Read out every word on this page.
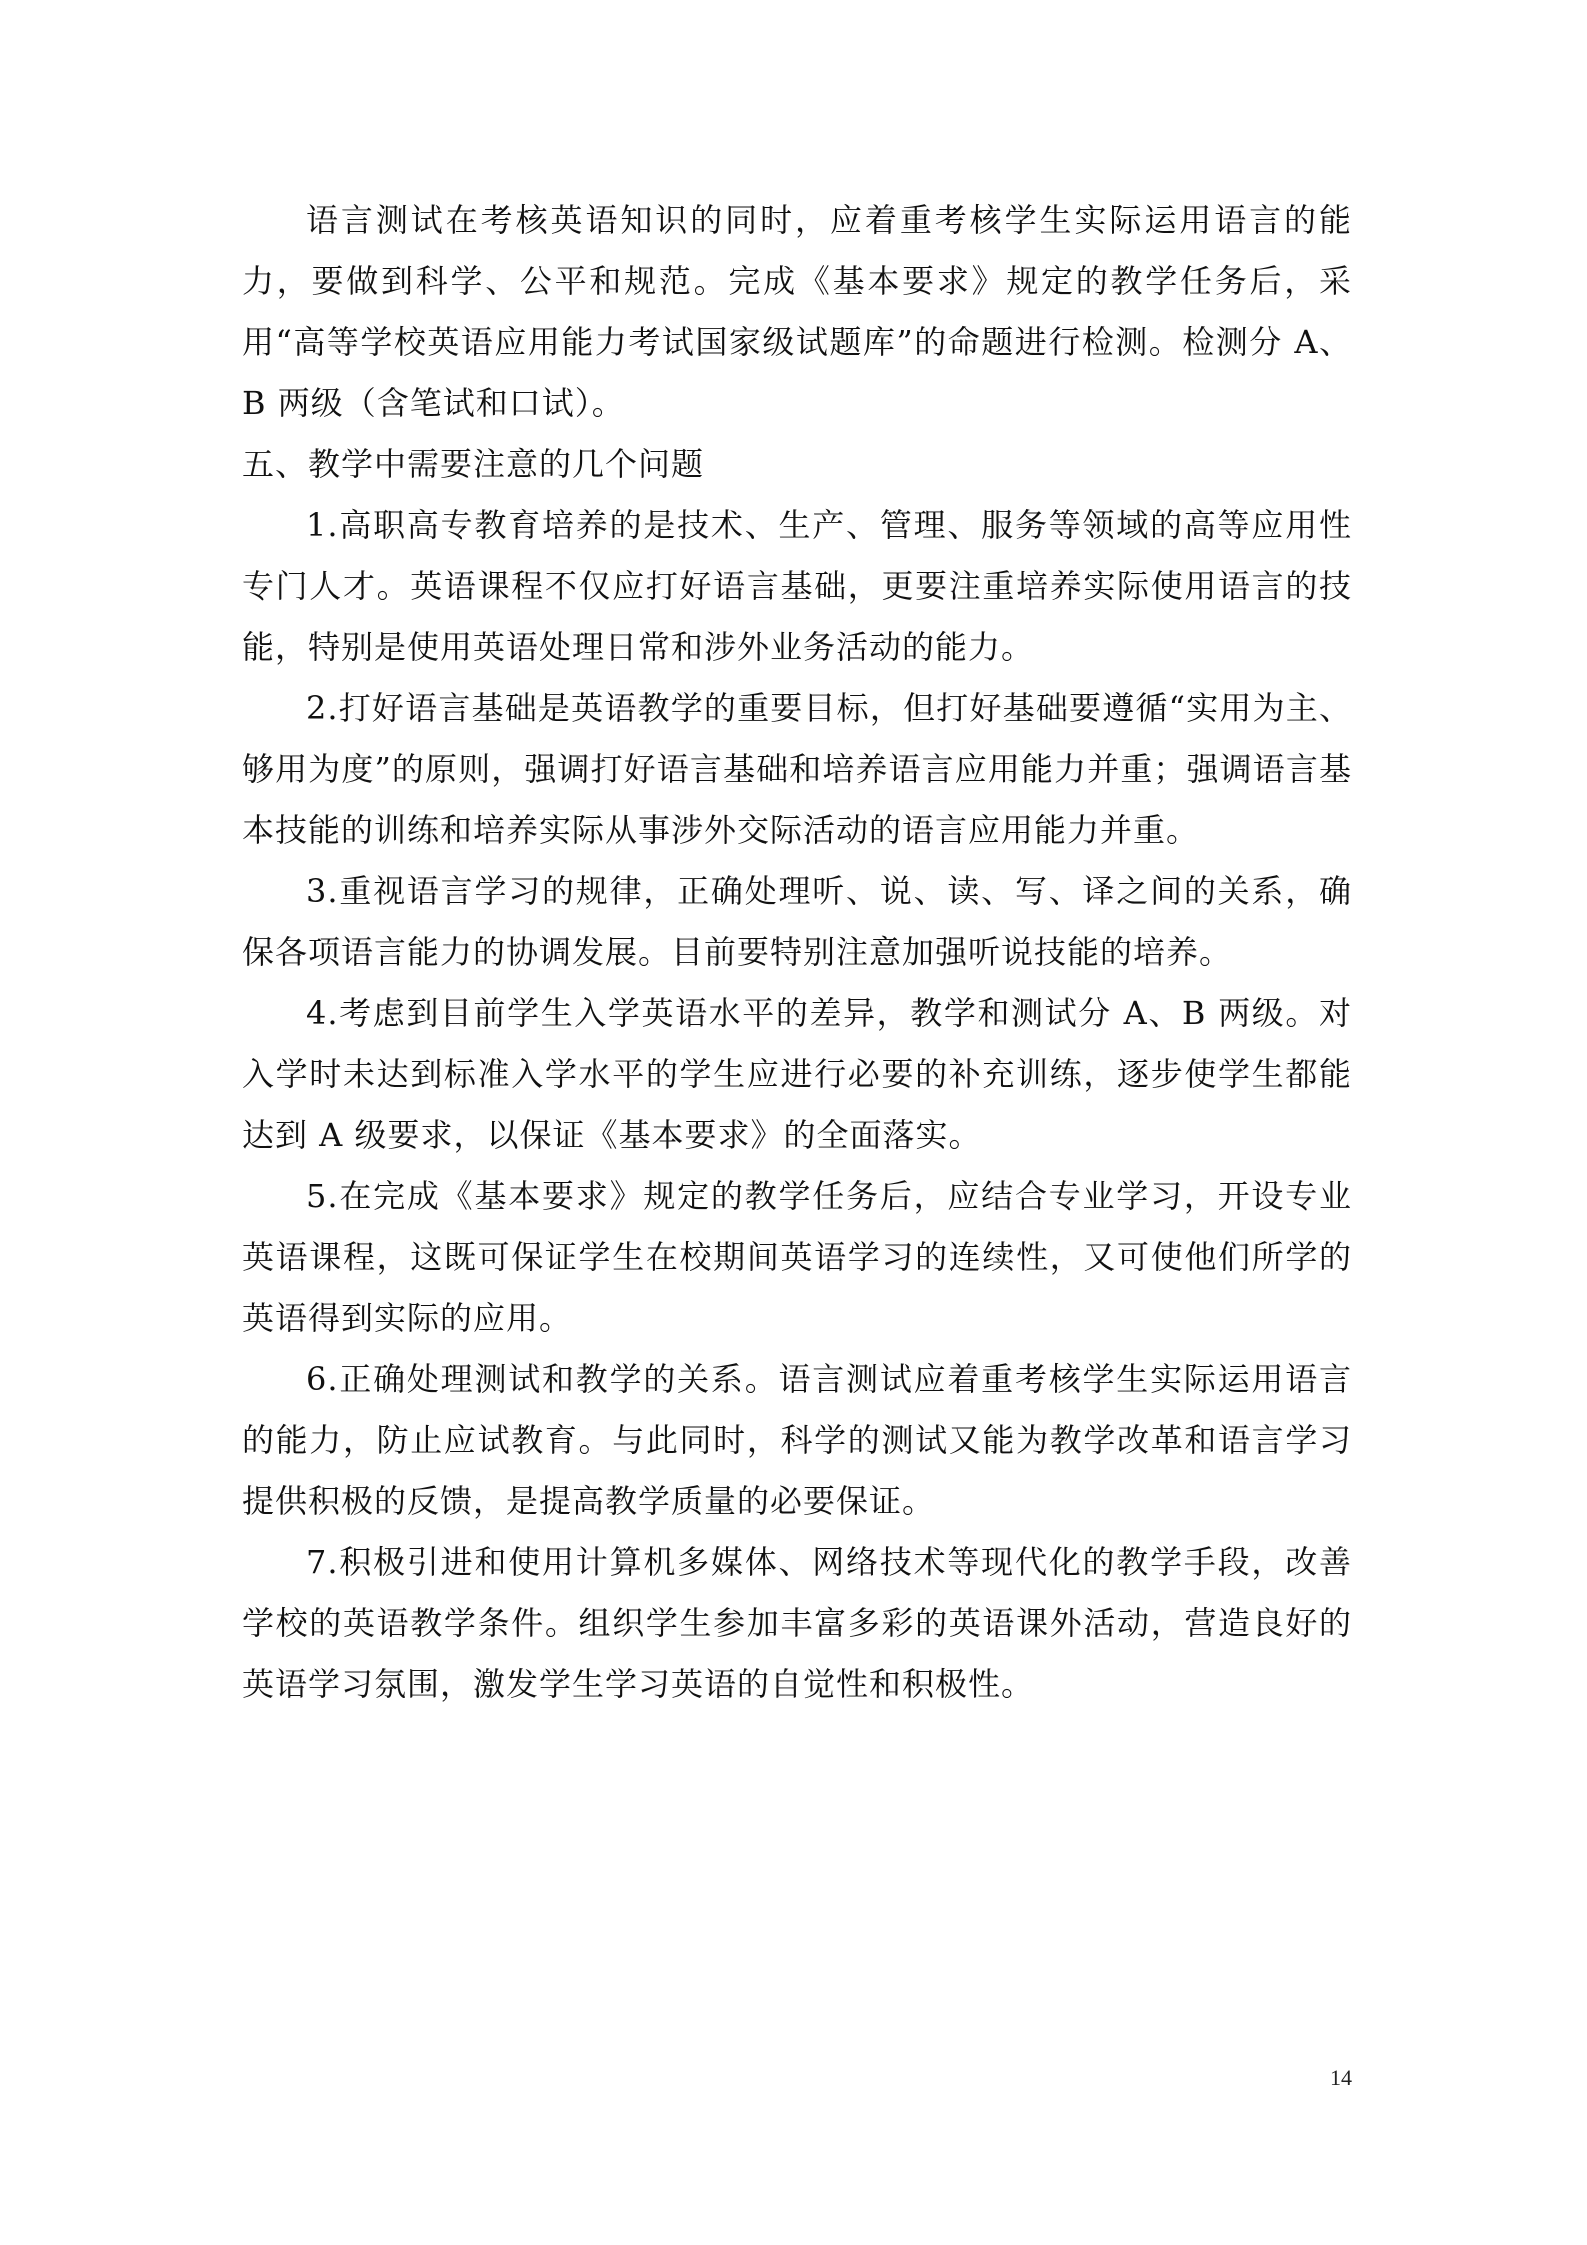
语言测试在考核英语知识的同时，应着重考核学生实际运用语言的能力，要做到科学、公平和规范。完成《基本要求》规定的教学任务后，采用“高等学校英语应用能力考试国家级试题库”的命题进行检测。检测分 A、B 两级（含笔试和口试）。

五、教学中需要注意的几个问题

1.高职高专教育培养的是技术、生产、管理、服务等领域的高等应用性专门人才。英语课程不仅应打好语言基础，更要注重培养实际使用语言的技能，特别是使用英语处理日常和涉外业务活动的能力。

2.打好语言基础是英语教学的重要目标，但打好基础要遵循“实用为主、够用为度”的原则，强调打好语言基础和培养语言应用能力并重；强调语言基本技能的训练和培养实际从事涉外交际活动的语言应用能力并重。

3.重视语言学习的规律，正确处理听、说、读、写、译之间的关系，确保各项语言能力的协调发展。目前要特别注意加强听说技能的培养。

4.考虑到目前学生入学英语水平的差异，教学和测试分 A、B 两级。对入学时未达到标准入学水平的学生应进行必要的补充训练，逐步使学生都能达到 A 级要求，以保证《基本要求》的全面落实。

5.在完成《基本要求》规定的教学任务后，应结合专业学习，开设专业英语课程，这既可保证学生在校期间英语学习的连续性，又可使他们所学的英语得到实际的应用。

6.正确处理测试和教学的关系。语言测试应着重考核学生实际运用语言的能力，防止应试教育。与此同时，科学的测试又能为教学改革和语言学习提供积极的反馈，是提高教学质量的必要保证。

7.积极引进和使用计算机多媒体、网络技术等现代化的教学手段，改善学校的英语教学条件。组织学生参加丰富多彩的英语课外活动，营造良好的英语学习氛围，激发学生学习英语的自觉性和积极性。

14
